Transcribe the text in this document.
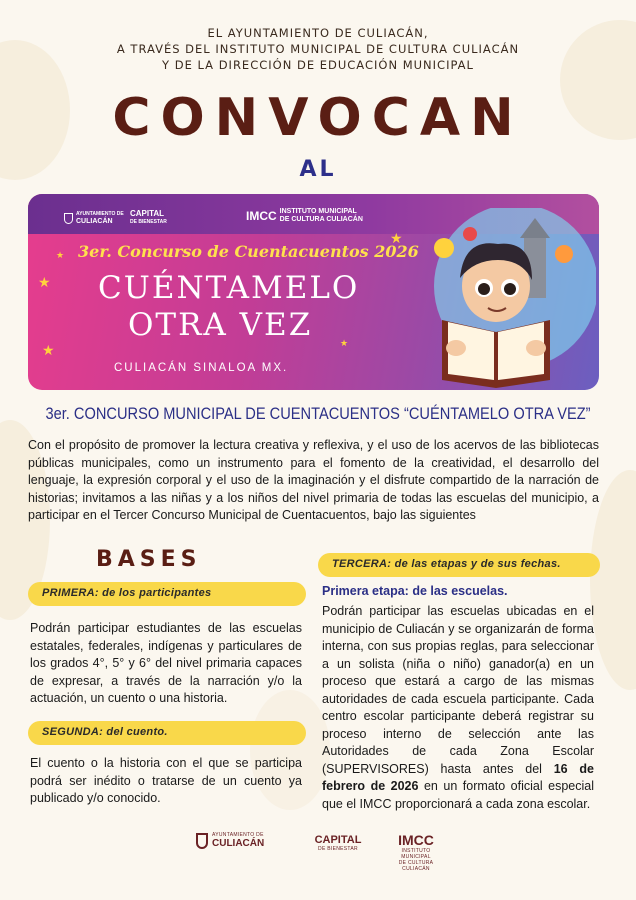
EL AYUNTAMIENTO DE CULIACÁN,
A TRAVÉS DEL INSTITUTO MUNICIPAL DE CULTURA CULIACÁN
Y DE LA DIRECCIÓN DE EDUCACIÓN MUNICIPAL
CONVOCAN
AL
AYUNTAMIENTO DE
CULIACÁN
CAPITAL
DE BIENESTAR	IMCC INSTITUTO MUNICIPAL
DE CULTURA CULIACÁN
3er. Concurso de Cuentacuentos 2026
CUÉNTAMELO
OTRA VEZ
CULIACÁN SINALOA MX.
★
★
★
★
★
3er. CONCURSO MUNICIPAL DE CUENTACUENTOS “CUÉNTAMELO OTRA VEZ”

Con el propósito de promover la lectura creativa y reflexiva, y el uso de los acervos de las bibliotecas públicas municipales, como un instrumento para el fomento de la creatividad, el desarrollo del lenguaje, la expresión corporal y el uso de la imaginación y el disfrute compartido de la narración de historias; invitamos a las niñas y a los niños del nivel primaria de todas las escuelas del municipio, a participar en el Tercer Concurso Municipal de Cuentacuentos, bajo las siguientes

BASES
PRIMERA: de los participantes

Podrán participar estudiantes de las escuelas estatales, federales, indígenas y particulares de los grados 4°, 5° y 6° del nivel primaria capaces de expresar, a través de la narración y/o la actuación, un cuento o una historia.

SEGUNDA: del cuento.

El cuento o la historia con el que se participa podrá ser inédito o tratarse de un cuento ya publicado y/o conocido.

TERCERA: de las etapas y de sus fechas.
Primera etapa: de las escuelas.

Podrán participar las escuelas ubicadas en el municipio de Culiacán y se organizarán de forma interna, con sus propias reglas, para seleccionar a un solista (niña o niño) ganador(a) en un proceso que estará a cargo de las mismas autoridades de cada escuela participante. Cada centro escolar participante deberá registrar su proceso interno de selección ante las Autoridades de cada Zona Escolar (SUPERVISORES) hasta antes del 16 de febrero de 2026 en un formato oficial especial que el IMCC proporcionará a cada zona escolar.

AYUNTAMIENTO DE
CULIACÁN	CAPITAL
DE BIENESTAR
IMCC
INSTITUTO MUNICIPAL
DE CULTURA CULIACÁN
